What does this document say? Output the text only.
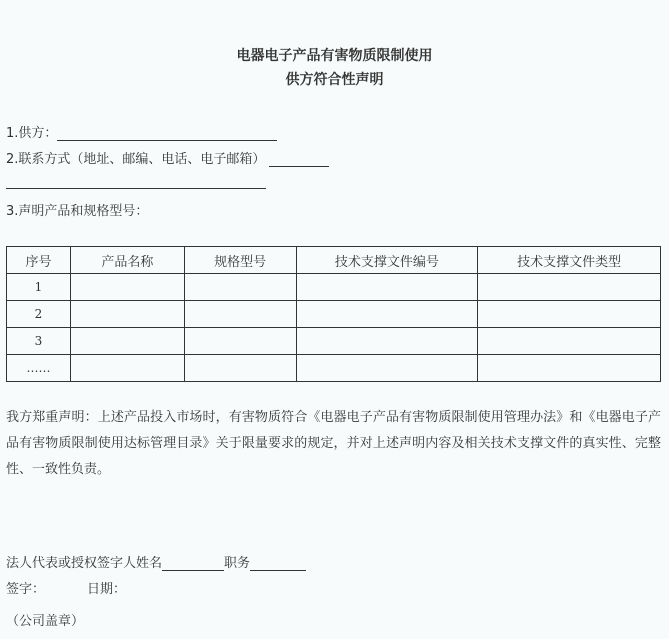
电器电子产品有害物质限制使用
供方符合性声明
1.供方：
2.联系方式（地址、邮编、电话、电子邮箱）
3.声明产品和规格型号：
序号	产品名称	规格型号	技术支撑文件编号	技术支撑文件类型
1				
2				
3				
……				
我方郑重声明：上述产品投入市场时，有害物质符合《电器电子产品有害物质限制使用管理办法》和《电器电子产品有害物质限制使用达标管理目录》关于限量要求的规定，并对上述声明内容及相关技术支撑文件的真实性、完整性、一致性负责。
法人代表或授权签字人姓名	职务
签字：	日期：
（公司盖章）
